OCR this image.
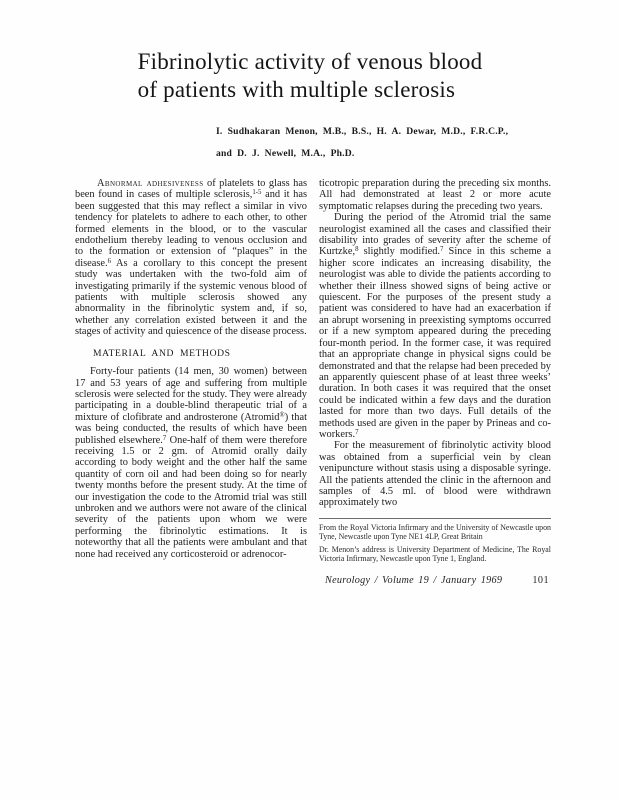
Fibrinolytic activity of venous blood
of patients with multiple sclerosis
I. Sudhakaran Menon, M.B., B.S., H. A. Dewar, M.D., F.R.C.P.,
and D. J. Newell, M.A., Ph.D.

Abnormal adhesiveness of platelets to glass has been found in cases of multiple sclerosis,$^{1-5}$ and it has been suggested that this may reflect a similar in vivo tendency for platelets to adhere to each other, to other formed elements in the blood, or to the vascular endothelium thereby leading to venous occlusion and to the formation or extension of “plaques” in the disease.$^6$ As a corollary to this concept the present study was undertaken with the two-fold aim of investigating primarily if the systemic venous blood of patients with multiple sclerosis showed any abnormality in the fibrinolytic system and, if so, whether any correlation existed between it and the stages of activity and quiescence of the disease process.

MATERIAL AND METHODS

Forty-four patients (14 men, 30 women) between 17 and 53 years of age and suffering from multiple sclerosis were selected for the study. They were already participating in a double-blind therapeutic trial of a mixture of clofibrate and androsterone (Atromid®) that was being conducted, the results of which have been published elsewhere.$^7$ One-half of them were therefore receiving 1.5 or 2 gm. of Atromid orally daily according to body weight and the other half the same quantity of corn oil and had been doing so for nearly twenty months before the present study. At the time of our investigation the code to the Atromid trial was still unbroken and we authors were not aware of the clinical severity of the patients upon whom we were performing the fibrinolytic estimations. It is noteworthy that all the patients were ambulant and that none had received any corticosteroid or adrenocor-

ticotropic preparation during the preceding six months. All had demonstrated at least 2 or more acute symptomatic relapses during the preceding two years.

During the period of the Atromid trial the same neurologist examined all the cases and classified their disability into grades of severity after the scheme of Kurtzke,$^8$ slightly modified.$^7$ Since in this scheme a higher score indicates an increasing disability, the neurologist was able to divide the patients according to whether their illness showed signs of being active or quiescent. For the purposes of the present study a patient was considered to have had an exacerbation if an abrupt worsening in preexisting symptoms occurred or if a new symptom appeared during the preceding four-month period. In the former case, it was required that an appropriate change in physical signs could be demonstrated and that the relapse had been preceded by an apparently quiescent phase of at least three weeks’ duration. In both cases it was required that the onset could be indicated within a few days and the duration lasted for more than two days. Full details of the methods used are given in the paper by Prineas and co-workers.$^7$

For the measurement of fibrinolytic activity blood was obtained from a superficial vein by clean venipuncture without stasis using a disposable syringe. All the patients attended the clinic in the afternoon and samples of 4.5 ml. of blood were withdrawn approximately two

From the Royal Victoria Infirmary and the University of Newcastle upon Tyne, Newcastle upon Tyne NE1 4LP, Great Britain

Dr. Menon’s address is University Department of Medicine, The Royal Victoria Infirmary, Newcastle upon Tyne 1, England.

Neurology / Volume 19 / January 1969	101
